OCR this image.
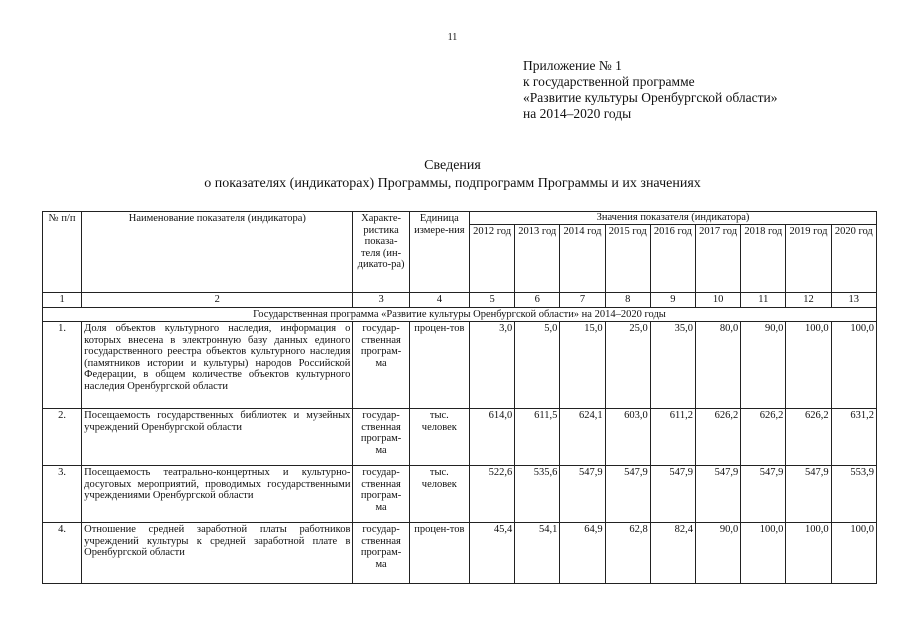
11
Приложение № 1
к государственной программе
«Развитие культуры Оренбургской области»
на 2014–2020 годы
Сведения
о показателях (индикаторах) Программы, подпрограмм Программы и их значениях
№ п/п	Наименование показателя (индикатора)	Характе-ристика показа-теля (ин-дикато-ра)	Единица измере-ния	Значения показателя (индикатора)								
				2012 год	2013 год	2014 год	2015 год	2016 год	2017 год	2018 год	2019 год	2020 год
1	2	3	4	5	6	7	8	9	10	11	12	13
Государственная программа «Развитие культуры Оренбургской области» на 2014–2020 годы												
1.	Доля объектов культурного наследия, информация о которых внесена в электронную базу данных единого государственного реестра объектов культурного наследия (памятников истории и культуры) народов Российской Федерации, в общем количестве объектов культурного наследия Оренбургской области	государ-ственная програм-ма	процен-тов	3,0	5,0	15,0	25,0	35,0	80,0	90,0	100,0	100,0
2.	Посещаемость государственных библиотек и музейных учреждений Оренбургской области	государ-ственная програм-ма	тыс. человек	614,0	611,5	624,1	603,0	611,2	626,2	626,2	626,2	631,2
3.	Посещаемость театрально-концертных и культурно-досуговых мероприятий, проводимых государственными учреждениями Оренбургской области	государ-ственная програм-ма	тыс. человек	522,6	535,6	547,9	547,9	547,9	547,9	547,9	547,9	553,9
4.	Отношение средней заработной платы работников учреждений культуры к средней заработной плате в Оренбургской области	государ-ственная програм-ма	процен-тов	45,4	54,1	64,9	62,8	82,4	90,0	100,0	100,0	100,0
